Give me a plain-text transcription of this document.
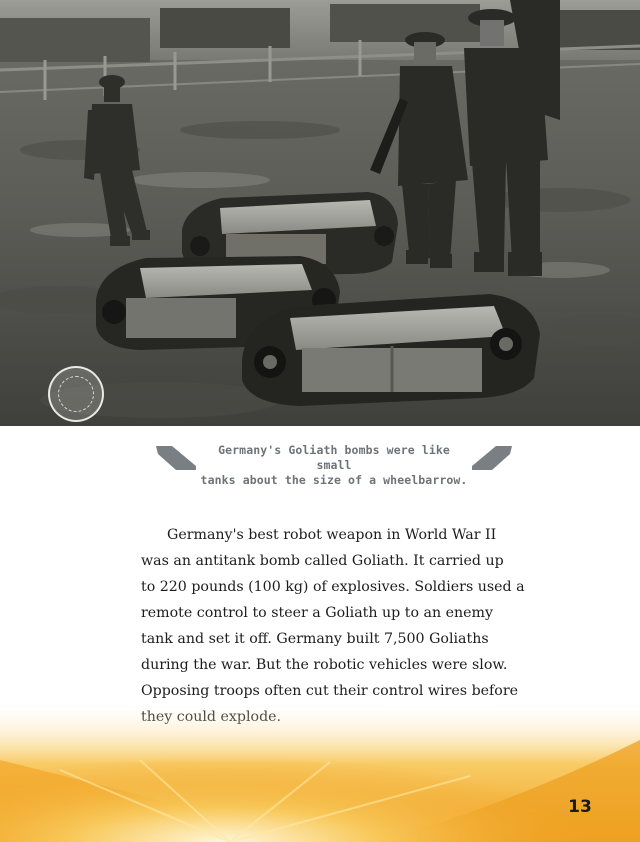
Germany's Goliath bombs were like small
tanks about the size of a wheelbarrow.
Germany's best robot weapon in World War II
was an antitank bomb called Goliath. It carried up
to 220 pounds (100 kg) of explosives. Soldiers used a
remote control to steer a Goliath up to an enemy
tank and set it off. Germany built 7,500 Goliaths
during the war. But the robotic vehicles were slow.
Opposing troops often cut their control wires before
13
